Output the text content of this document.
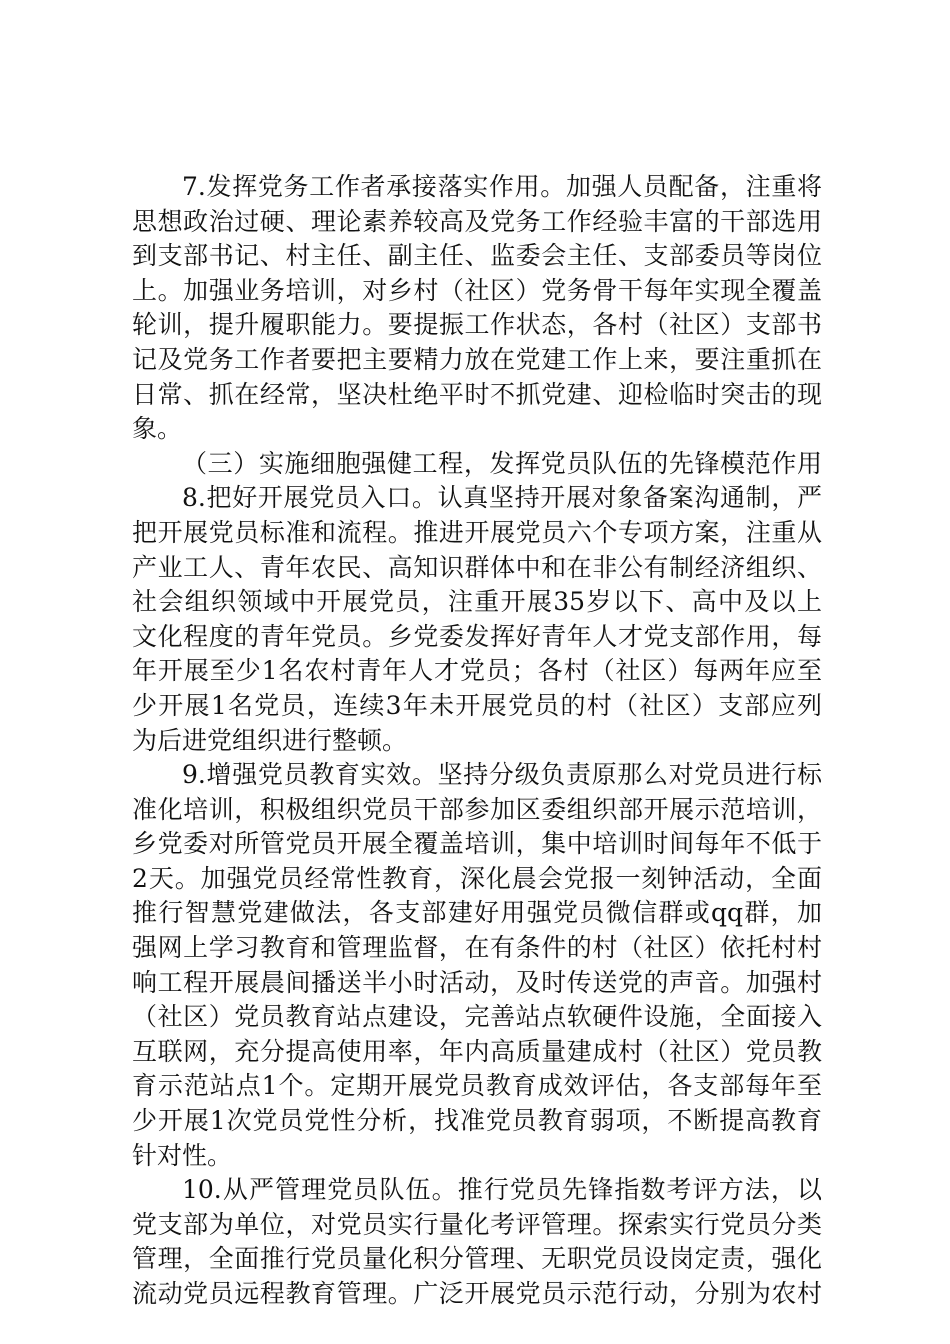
7.发挥党务工作者承接落实作用。加强人员配备，注重将
思想政治过硬、理论素养较高及党务工作经验丰富的干部选用
到支部书记、村主任、副主任、监委会主任、支部委员等岗位
上。加强业务培训，对乡村（社区）党务骨干每年实现全覆盖
轮训，提升履职能力。要提振工作状态，各村（社区）支部书
记及党务工作者要把主要精力放在党建工作上来，要注重抓在
日常、抓在经常，坚决杜绝平时不抓党建、迎检临时突击的现
象。
（三）实施细胞强健工程，发挥党员队伍的先锋模范作用
8.把好开展党员入口。认真坚持开展对象备案沟通制，严
把开展党员标准和流程。推进开展党员六个专项方案，注重从
产业工人、青年农民、高知识群体中和在非公有制经济组织、
社会组织领域中开展党员，注重开展35岁以下、高中及以上
文化程度的青年党员。乡党委发挥好青年人才党支部作用，每
年开展至少1名农村青年人才党员；各村（社区）每两年应至
少开展1名党员，连续3年未开展党员的村（社区）支部应列
为后进党组织进行整顿。
9.增强党员教育实效。坚持分级负责原那么对党员进行标
准化培训，积极组织党员干部参加区委组织部开展示范培训，
乡党委对所管党员开展全覆盖培训，集中培训时间每年不低于
2天。加强党员经常性教育，深化晨会党报一刻钟活动，全面
推行智慧党建做法，各支部建好用强党员微信群或qq群，加
强网上学习教育和管理监督，在有条件的村（社区）依托村村
响工程开展晨间播送半小时活动，及时传送党的声音。加强村
（社区）党员教育站点建设，完善站点软硬件设施，全面接入
互联网，充分提高使用率，年内高质量建成村（社区）党员教
育示范站点1个。定期开展党员教育成效评估，各支部每年至
少开展1次党员党性分析，找准党员教育弱项，不断提高教育
针对性。
10.从严管理党员队伍。推行党员先锋指数考评方法，以
党支部为单位，对党员实行量化考评管理。探索实行党员分类
管理，全面推行党员量化积分管理、无职党员设岗定责，强化
流动党员远程教育管理。广泛开展党员示范行动，分别为农村
